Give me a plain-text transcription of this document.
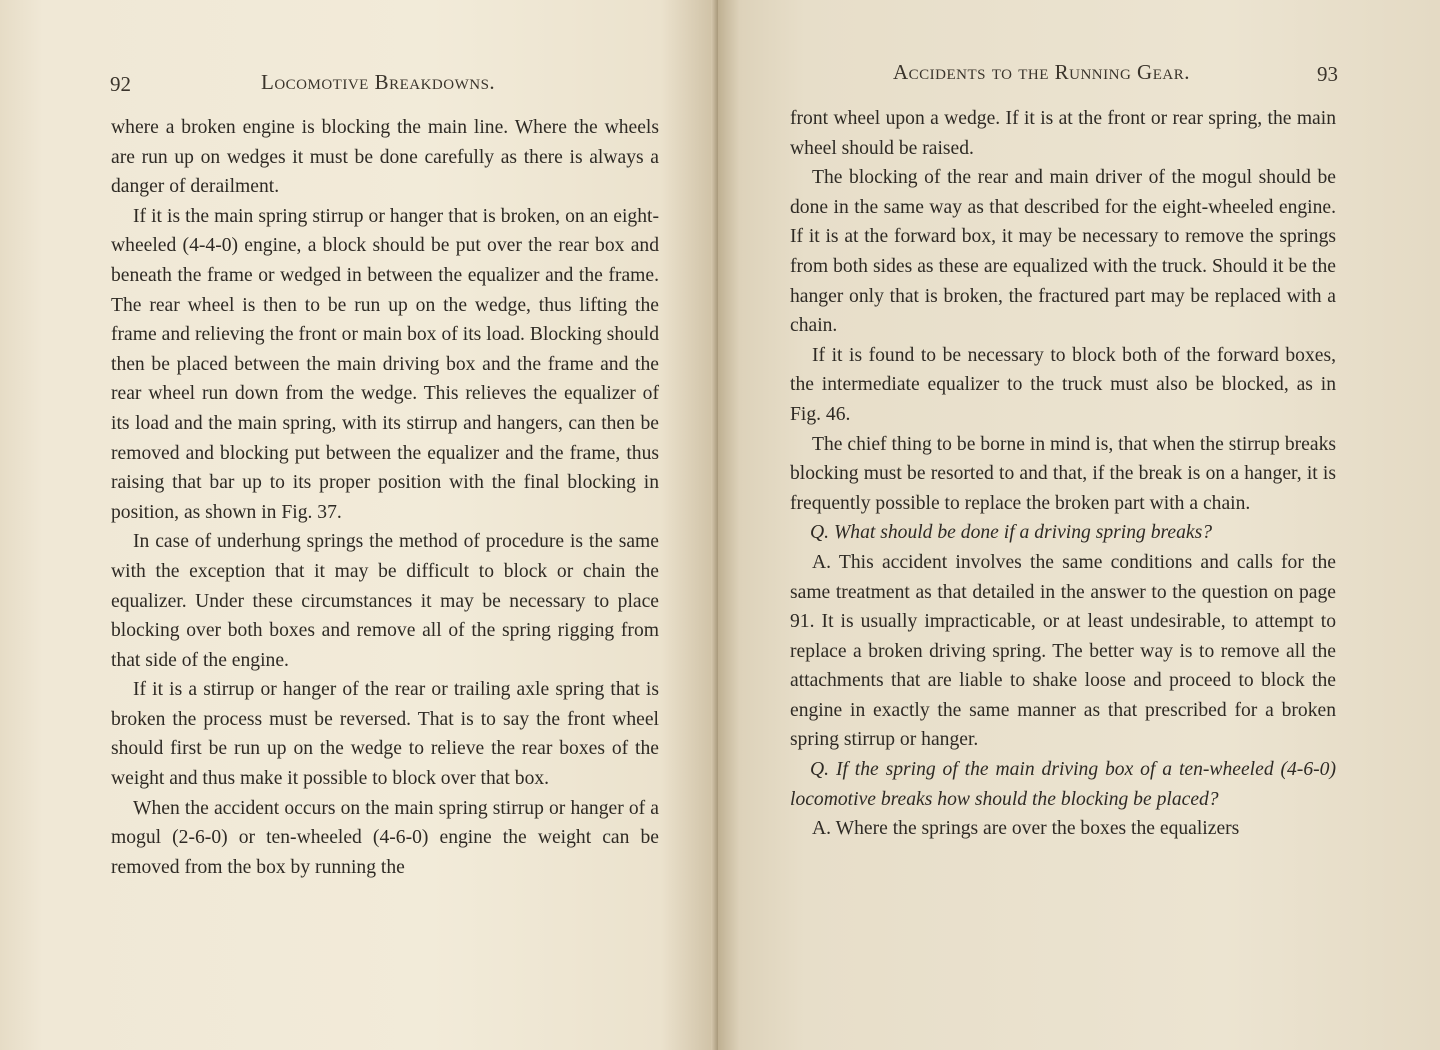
92	Locomotive Breakdowns.

where a broken engine is blocking the main line. Where the wheels are run up on wedges it must be done carefully as there is always a danger of derailment.

If it is the main spring stirrup or hanger that is broken, on an eight-wheeled (4-4-0) engine, a block should be put over the rear box and beneath the frame or wedged in between the equalizer and the frame. The rear wheel is then to be run up on the wedge, thus lifting the frame and relieving the front or main box of its load. Blocking should then be placed between the main driving box and the frame and the rear wheel run down from the wedge. This relieves the equalizer of its load and the main spring, with its stirrup and hangers, can then be removed and blocking put between the equalizer and the frame, thus raising that bar up to its proper position with the final blocking in position, as shown in Fig. 37.

In case of underhung springs the method of procedure is the same with the exception that it may be difficult to block or chain the equalizer. Under these circumstances it may be necessary to place blocking over both boxes and remove all of the spring rigging from that side of the engine.

If it is a stirrup or hanger of the rear or trailing axle spring that is broken the process must be reversed. That is to say the front wheel should first be run up on the wedge to relieve the rear boxes of the weight and thus make it possible to block over that box.

When the accident occurs on the main spring stirrup or hanger of a mogul (2-6-0) or ten-wheeled (4-6-0) engine the weight can be removed from the box by running the

Accidents to the Running Gear.	93

front wheel upon a wedge. If it is at the front or rear spring, the main wheel should be raised.

The blocking of the rear and main driver of the mogul should be done in the same way as that described for the eight-wheeled engine. If it is at the forward box, it may be necessary to remove the springs from both sides as these are equalized with the truck. Should it be the hanger only that is broken, the fractured part may be replaced with a chain.

If it is found to be necessary to block both of the forward boxes, the intermediate equalizer to the truck must also be blocked, as in Fig. 46.

The chief thing to be borne in mind is, that when the stirrup breaks blocking must be resorted to and that, if the break is on a hanger, it is frequently possible to replace the broken part with a chain.

Q. What should be done if a driving spring breaks?

A. This accident involves the same conditions and calls for the same treatment as that detailed in the answer to the question on page 91. It is usually impracticable, or at least undesirable, to attempt to replace a broken driving spring. The better way is to remove all the attachments that are liable to shake loose and proceed to block the engine in exactly the same manner as that prescribed for a broken spring stirrup or hanger.

Q. If the spring of the main driving box of a ten-wheeled (4-6-0) locomotive breaks how should the blocking be placed?

A. Where the springs are over the boxes the equalizers
